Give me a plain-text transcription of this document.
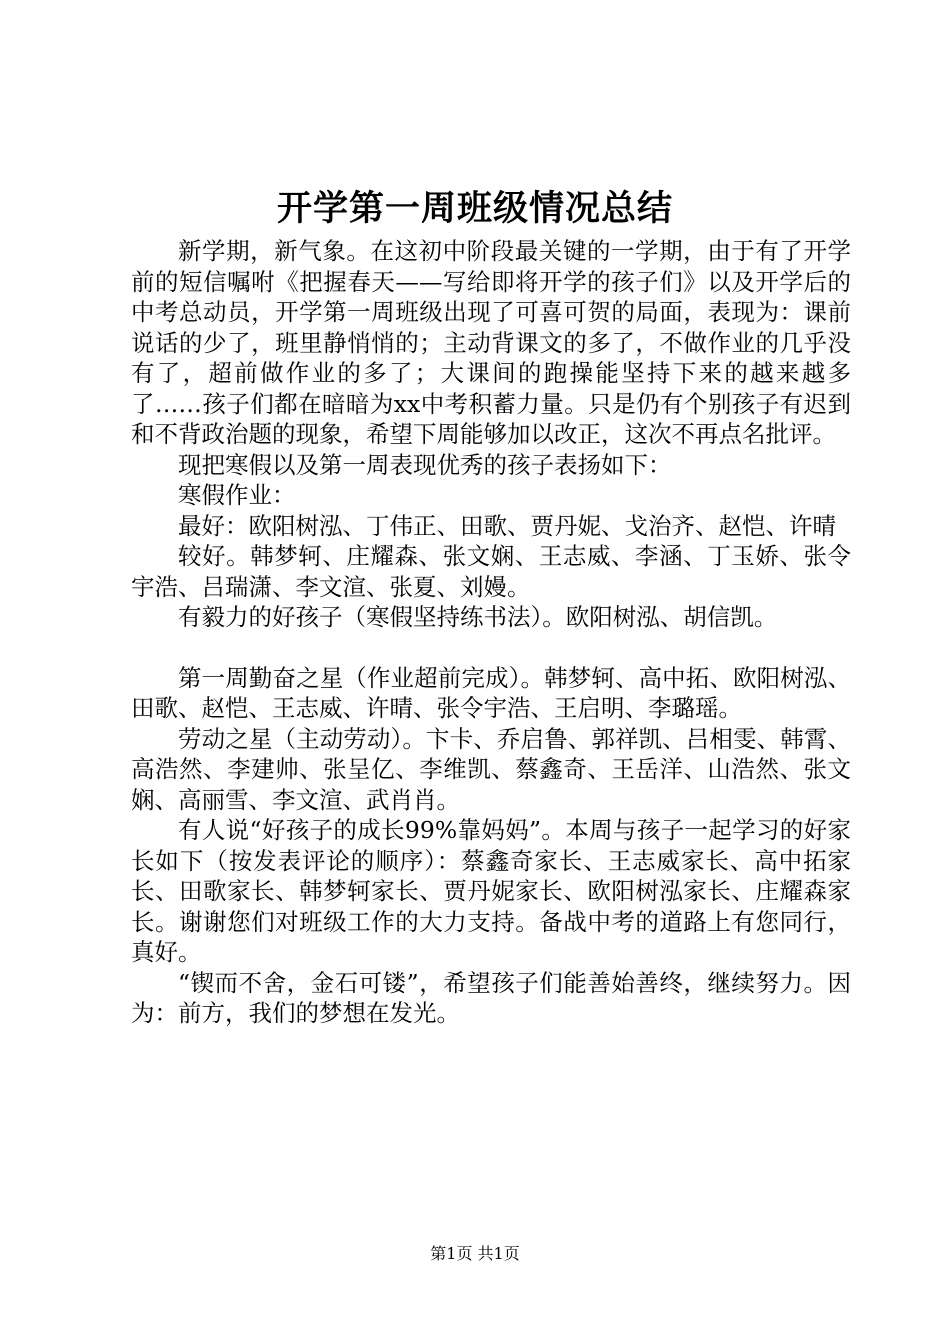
开学第一周班级情况总结

新学期，新气象。在这初中阶段最关键的一学期，由于有了开学前的短信嘱咐《把握春天——写给即将开学的孩子们》以及开学后的中考总动员，开学第一周班级出现了可喜可贺的局面，表现为：课前说话的少了，班里静悄悄的；主动背课文的多了，不做作业的几乎没有了，超前做作业的多了；大课间的跑操能坚持下来的越来越多了……孩子们都在暗暗为xx中考积蓄力量。只是仍有个别孩子有迟到和不背政治题的现象，希望下周能够加以改正，这次不再点名批评。

现把寒假以及第一周表现优秀的孩子表扬如下：

寒假作业：

最好：欧阳树泓、丁伟正、田歌、贾丹妮、戈治齐、赵恺、许晴

较好。韩梦轲、庄耀森、张文娴、王志威、李涵、丁玉娇、张令宇浩、吕瑞潇、李文渲、张夏、刘嫚。

有毅力的好孩子（寒假坚持练书法）。欧阳树泓、胡信凯。

第一周勤奋之星（作业超前完成）。韩梦轲、高中拓、欧阳树泓、田歌、赵恺、王志威、许晴、张令宇浩、王启明、李璐瑶。

劳动之星（主动劳动）。卞卡、乔启鲁、郭祥凯、吕相雯、韩霄、高浩然、李建帅、张呈亿、李维凯、蔡鑫奇、王岳洋、山浩然、张文娴、高丽雪、李文渲、武肖肖。

有人说“好孩子的成长99%靠妈妈”。本周与孩子一起学习的好家长如下（按发表评论的顺序）：蔡鑫奇家长、王志威家长、高中拓家长、田歌家长、韩梦轲家长、贾丹妮家长、欧阳树泓家长、庄耀森家长。谢谢您们对班级工作的大力支持。备战中考的道路上有您同行，真好。

“锲而不舍，金石可镂”，希望孩子们能善始善终，继续努力。因为：前方，我们的梦想在发光。

第1页 共1页
